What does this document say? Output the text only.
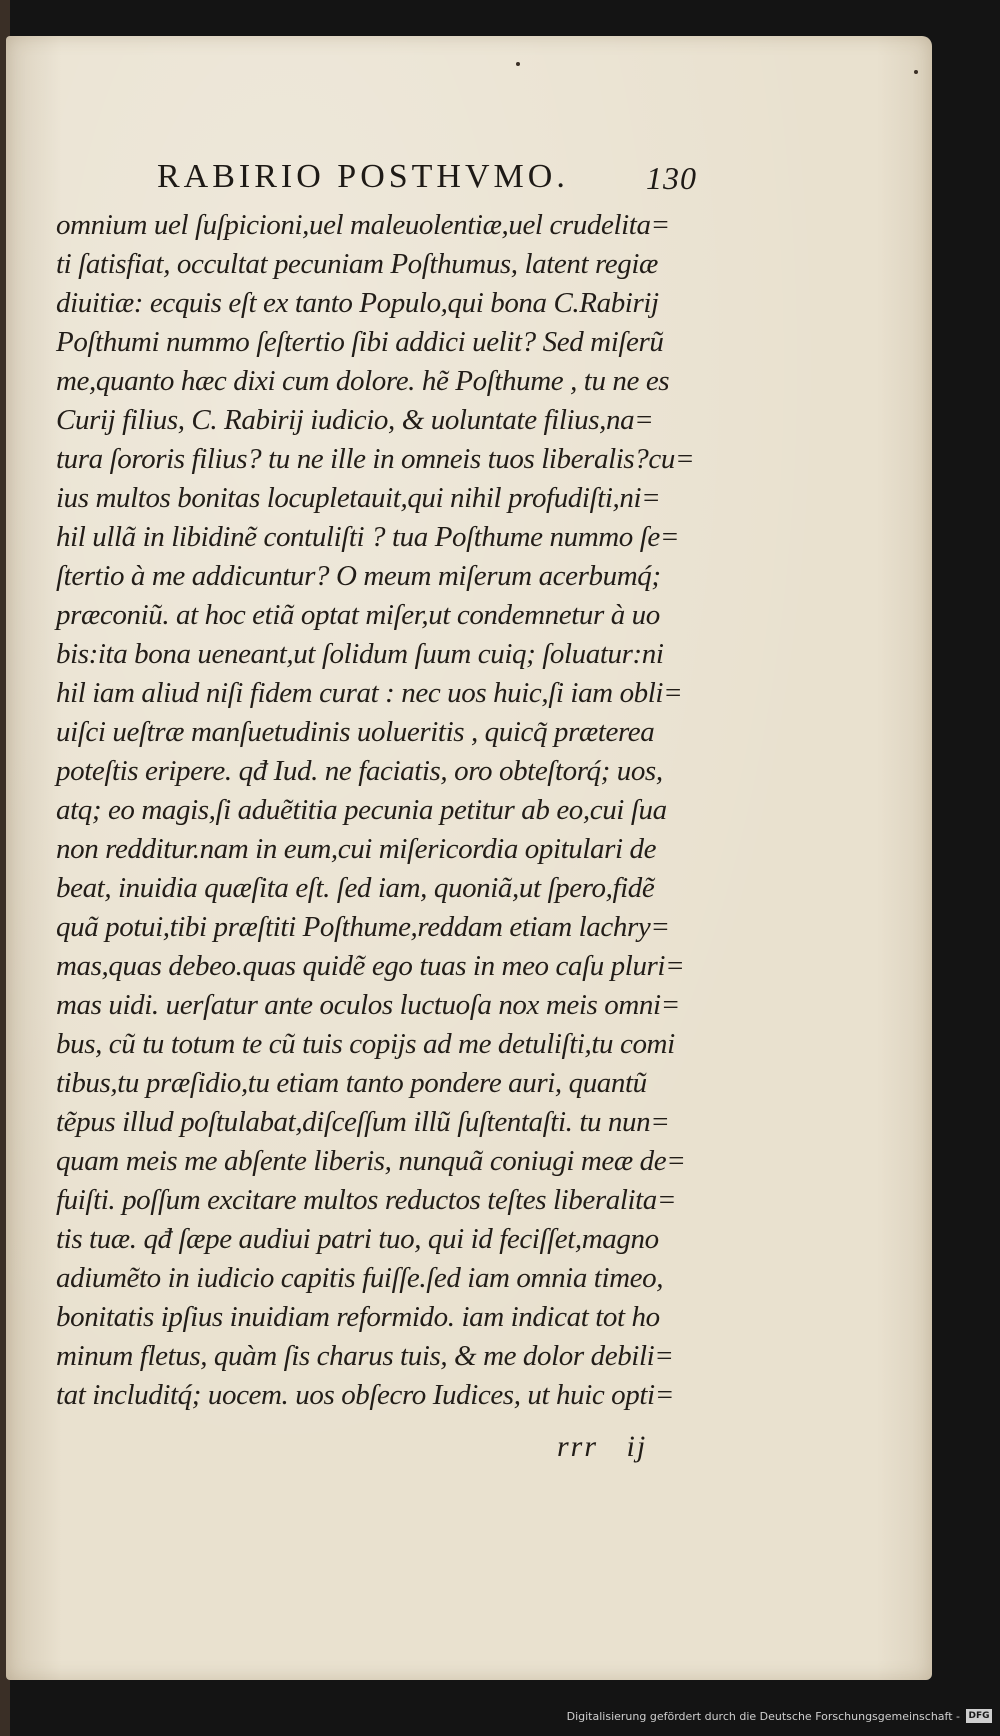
RABIRIO POSTHVMO. 130
omnium uel ſuſpicioni,uel maleuolentiæ,uel crudelita=
ti ſatisfiat, occultat pecuniam Poſthumus, latent regiæ
diuitiæ: ecquis eſt ex tanto Populo,qui bona C.Rabirij
Poſthumi nummo ſeſtertio ſibi addici uelit? Sed miſerũ
me,quanto hæc dixi cum dolore. hẽ Poſthume , tu ne es
Curij filius, C. Rabirij iudicio, & uoluntate filius,na=
tura ſororis filius? tu ne ille in omneis tuos liberalis?cu=
ius multos bonitas locupletauit,qui nihil profudiſti,ni=
hil ullã in libidinẽ contuliſti ? tua Poſthume nummo ſe=
ſtertio à me addicuntur? O meum miſerum acerbumq́;
præconiũ. at hoc etiã optat miſer,ut condemnetur à uo
bis:ita bona ueneant,ut ſolidum ſuum cuiq; ſoluatur:ni
hil iam aliud niſi fidem curat : nec uos huic,ſi iam obli=
uiſci ueſtræ manſuetudinis uolueritis , quicq̃ præterea
poteſtis eripere. qđ Iud. ne faciatis, oro obteſtorq́; uos,
atq; eo magis,ſi aduẽtitia pecunia petitur ab eo,cui ſua
non redditur.nam in eum,cui miſericordia opitulari de
beat, inuidia quæſita eſt. ſed iam, quoniã,ut ſpero,fidẽ
quã potui,tibi præſtiti Poſthume,reddam etiam lachry=
mas,quas debeo.quas quidẽ ego tuas in meo caſu pluri=
mas uidi. uerſatur ante oculos luctuoſa nox meis omni=
bus, cũ tu totum te cũ tuis copijs ad me detuliſti,tu comi
tibus,tu præſidio,tu etiam tanto pondere auri, quantũ
tẽpus illud poſtulabat,diſceſſum illũ ſuſtentaſti. tu nun=
quam meis me abſente liberis, nunquã coniugi meæ de=
fuiſti. poſſum excitare multos reductos teſtes liberalita=
tis tuæ. qđ ſæpe audiui patri tuo, qui id feciſſet,magno
adiumẽto in iudicio capitis fuiſſe.ſed iam omnia timeo,
bonitatis ipſius inuidiam reformido. iam indicat tot ho
minum fletus, quàm ſis charus tuis, & me dolor debili=
tat includitq́; uocem. uos obſecro Iudices, ut huic opti=
rrr   ij
Digitalisierung gefördert durch die Deutsche Forschungsgemeinschaft - DFG
